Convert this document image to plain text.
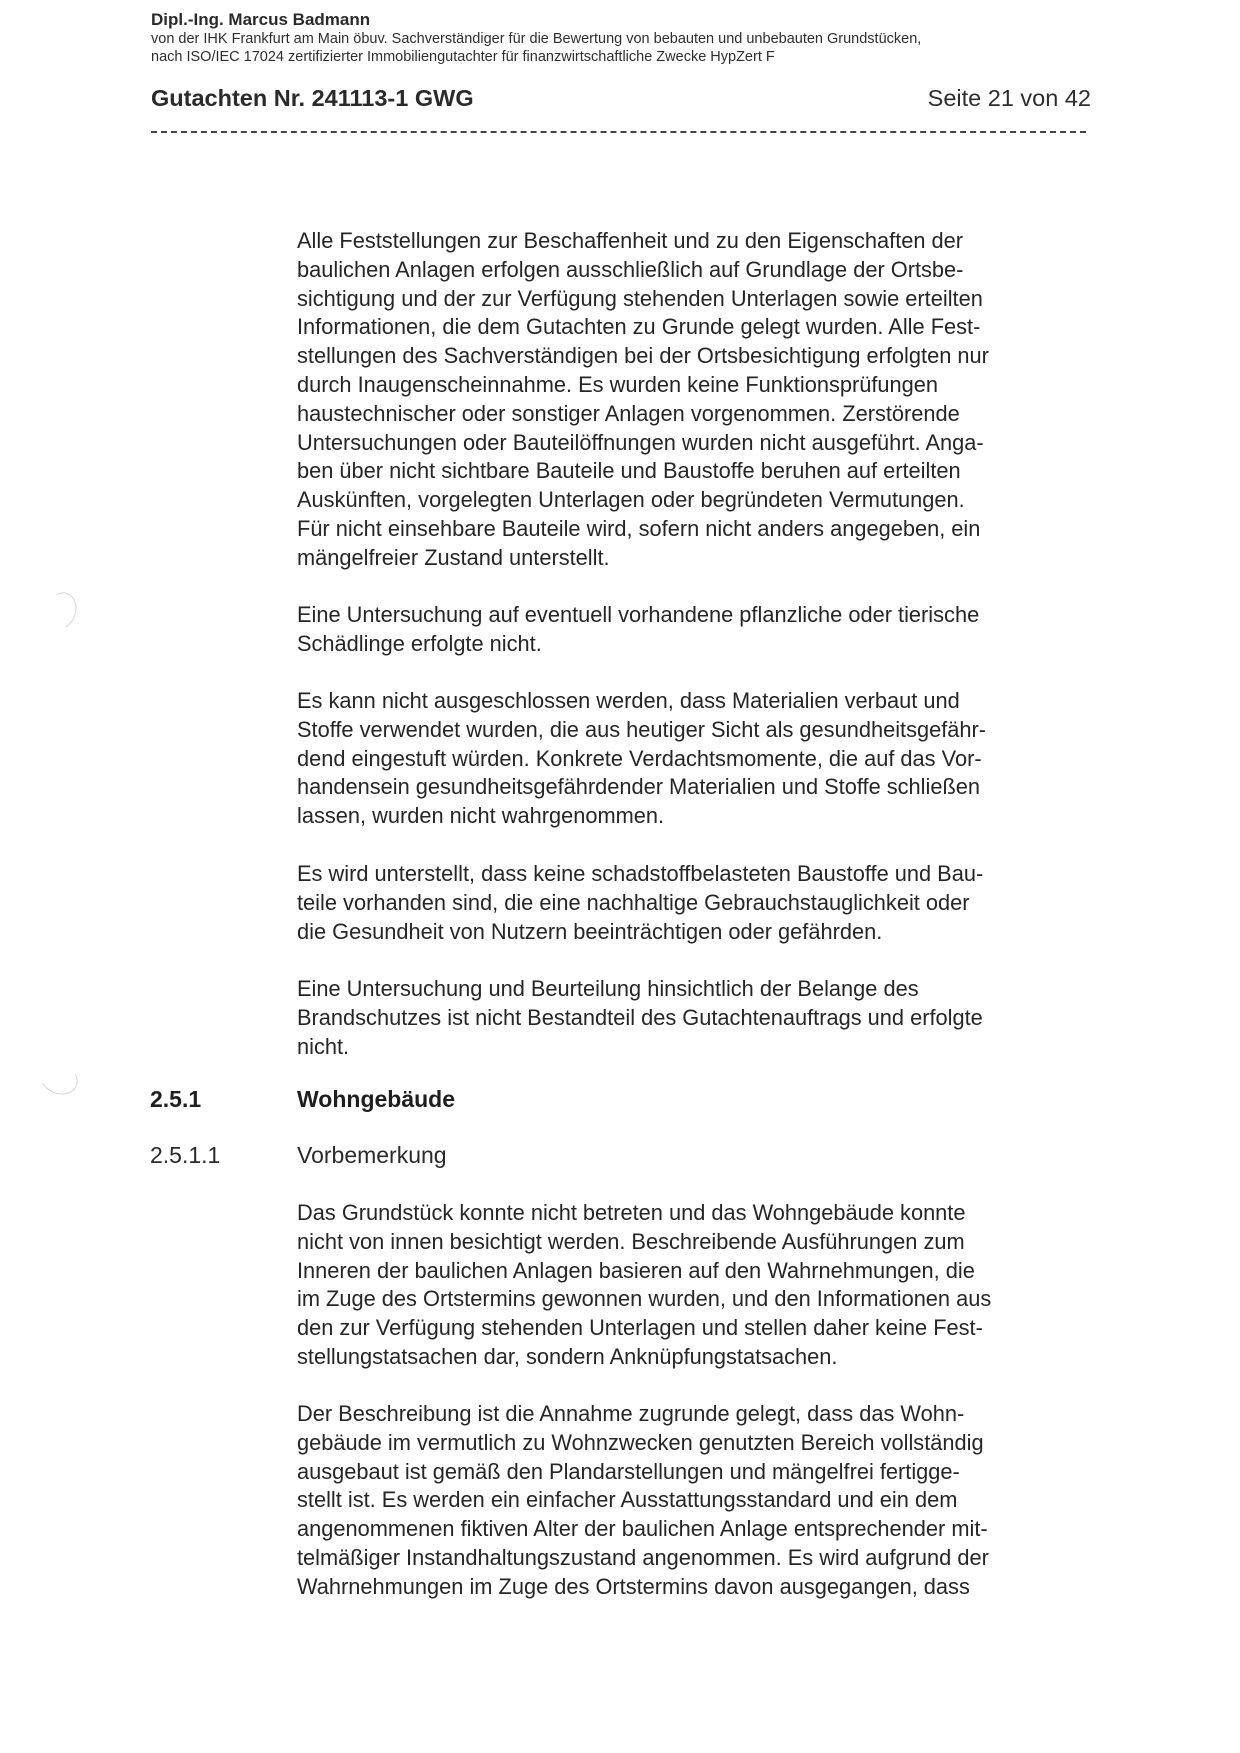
Dipl.-Ing. Marcus Badmann
von der IHK Frankfurt am Main öbuv. Sachverständiger für die Bewertung von bebauten und unbebauten Grundstücken,
nach ISO/IEC 17024 zertifizierter Immobiliengutachter für finanzwirtschaftliche Zwecke HypZert F
Gutachten Nr. 241113-1 GWG	Seite 21 von 42
Alle Feststellungen zur Beschaffenheit und zu den Eigenschaften der
baulichen Anlagen erfolgen ausschließlich auf Grundlage der Ortsbe-
sichtigung und der zur Verfügung stehenden Unterlagen sowie erteilten
Informationen, die dem Gutachten zu Grunde gelegt wurden. Alle Fest-
stellungen des Sachverständigen bei der Ortsbesichtigung erfolgten nur
durch Inaugenscheinnahme. Es wurden keine Funktionsprüfungen
haustechnischer oder sonstiger Anlagen vorgenommen. Zerstörende
Untersuchungen oder Bauteilöffnungen wurden nicht ausgeführt. Anga-
ben über nicht sichtbare Bauteile und Baustoffe beruhen auf erteilten
Auskünften, vorgelegten Unterlagen oder begründeten Vermutungen.
Für nicht einsehbare Bauteile wird, sofern nicht anders angegeben, ein
mängelfreier Zustand unterstellt.
Eine Untersuchung auf eventuell vorhandene pflanzliche oder tierische
Schädlinge erfolgte nicht.
Es kann nicht ausgeschlossen werden, dass Materialien verbaut und
Stoffe verwendet wurden, die aus heutiger Sicht als gesundheitsgefähr-
dend eingestuft würden. Konkrete Verdachtsmomente, die auf das Vor-
handensein gesundheitsgefährdender Materialien und Stoffe schließen
lassen, wurden nicht wahrgenommen.
Es wird unterstellt, dass keine schadstoffbelasteten Baustoffe und Bau-
teile vorhanden sind, die eine nachhaltige Gebrauchstauglichkeit oder
die Gesundheit von Nutzern beeinträchtigen oder gefährden.
Eine Untersuchung und Beurteilung hinsichtlich der Belange des
Brandschutzes ist nicht Bestandteil des Gutachtenauftrags und erfolgte
nicht.
2.5.1	Wohngebäude
2.5.1.1	Vorbemerkung
Das Grundstück konnte nicht betreten und das Wohngebäude konnte
nicht von innen besichtigt werden. Beschreibende Ausführungen zum
Inneren der baulichen Anlagen basieren auf den Wahrnehmungen, die
im Zuge des Ortstermins gewonnen wurden, und den Informationen aus
den zur Verfügung stehenden Unterlagen und stellen daher keine Fest-
stellungstatsachen dar, sondern Anknüpfungstatsachen.
Der Beschreibung ist die Annahme zugrunde gelegt, dass das Wohn-
gebäude im vermutlich zu Wohnzwecken genutzten Bereich vollständig
ausgebaut ist gemäß den Plandarstellungen und mängelfrei fertigge-
stellt ist. Es werden ein einfacher Ausstattungsstandard und ein dem
angenommenen fiktiven Alter der baulichen Anlage entsprechender mit-
telmäßiger Instandhaltungszustand angenommen. Es wird aufgrund der
Wahrnehmungen im Zuge des Ortstermins davon ausgegangen, dass
